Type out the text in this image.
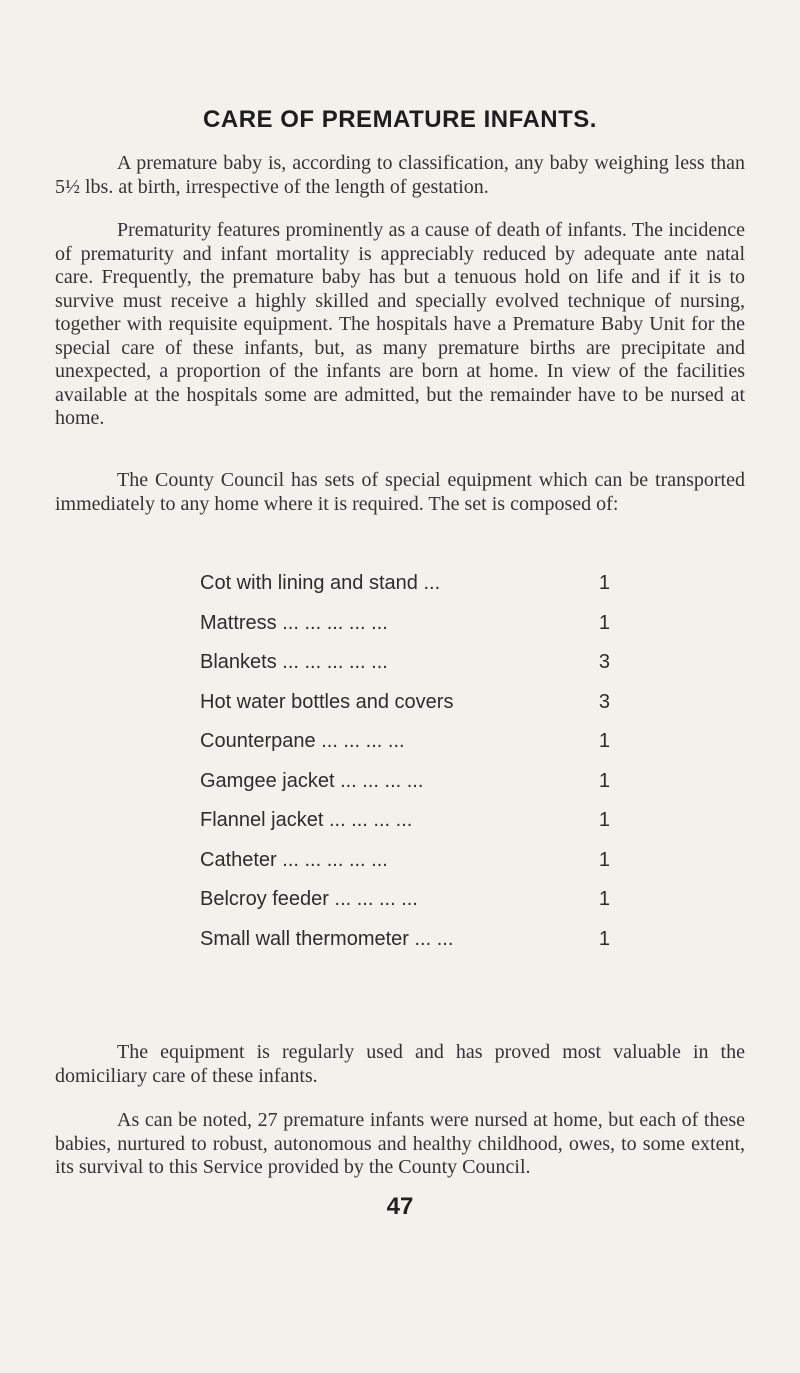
CARE OF PREMATURE INFANTS.
A premature baby is, according to classification, any baby weighing less than 5½ lbs. at birth, irrespective of the length of gestation.
Prematurity features prominently as a cause of death of infants. The incidence of prematurity and infant mortality is appreciably reduced by adequate ante natal care. Frequently, the premature baby has but a tenuous hold on life and if it is to survive must receive a highly skilled and specially evolved technique of nursing, together with requisite equipment. The hospitals have a Premature Baby Unit for the special care of these infants, but, as many premature births are precipitate and unexpected, a proportion of the infants are born at home. In view of the facilities available at the hospitals some are admitted, but the remainder have to be nursed at home.
The County Council has sets of special equipment which can be transported immediately to any home where it is required. The set is composed of:
Cot with lining and stand ...	1
Mattress ... ... ... ... ...	1
Blankets ... ... ... ... ...	3
Hot water bottles and covers	3
Counterpane ... ... ... ...	1
Gamgee jacket ... ... ... ...	1
Flannel jacket ... ... ... ...	1
Catheter ... ... ... ... ...	1
Belcroy feeder ... ... ... ...	1
Small wall thermometer ... ...	1
The equipment is regularly used and has proved most valuable in the domiciliary care of these infants.
As can be noted, 27 premature infants were nursed at home, but each of these babies, nurtured to robust, autonomous and healthy childhood, owes, to some extent, its survival to this Service provided by the County Council.
47
